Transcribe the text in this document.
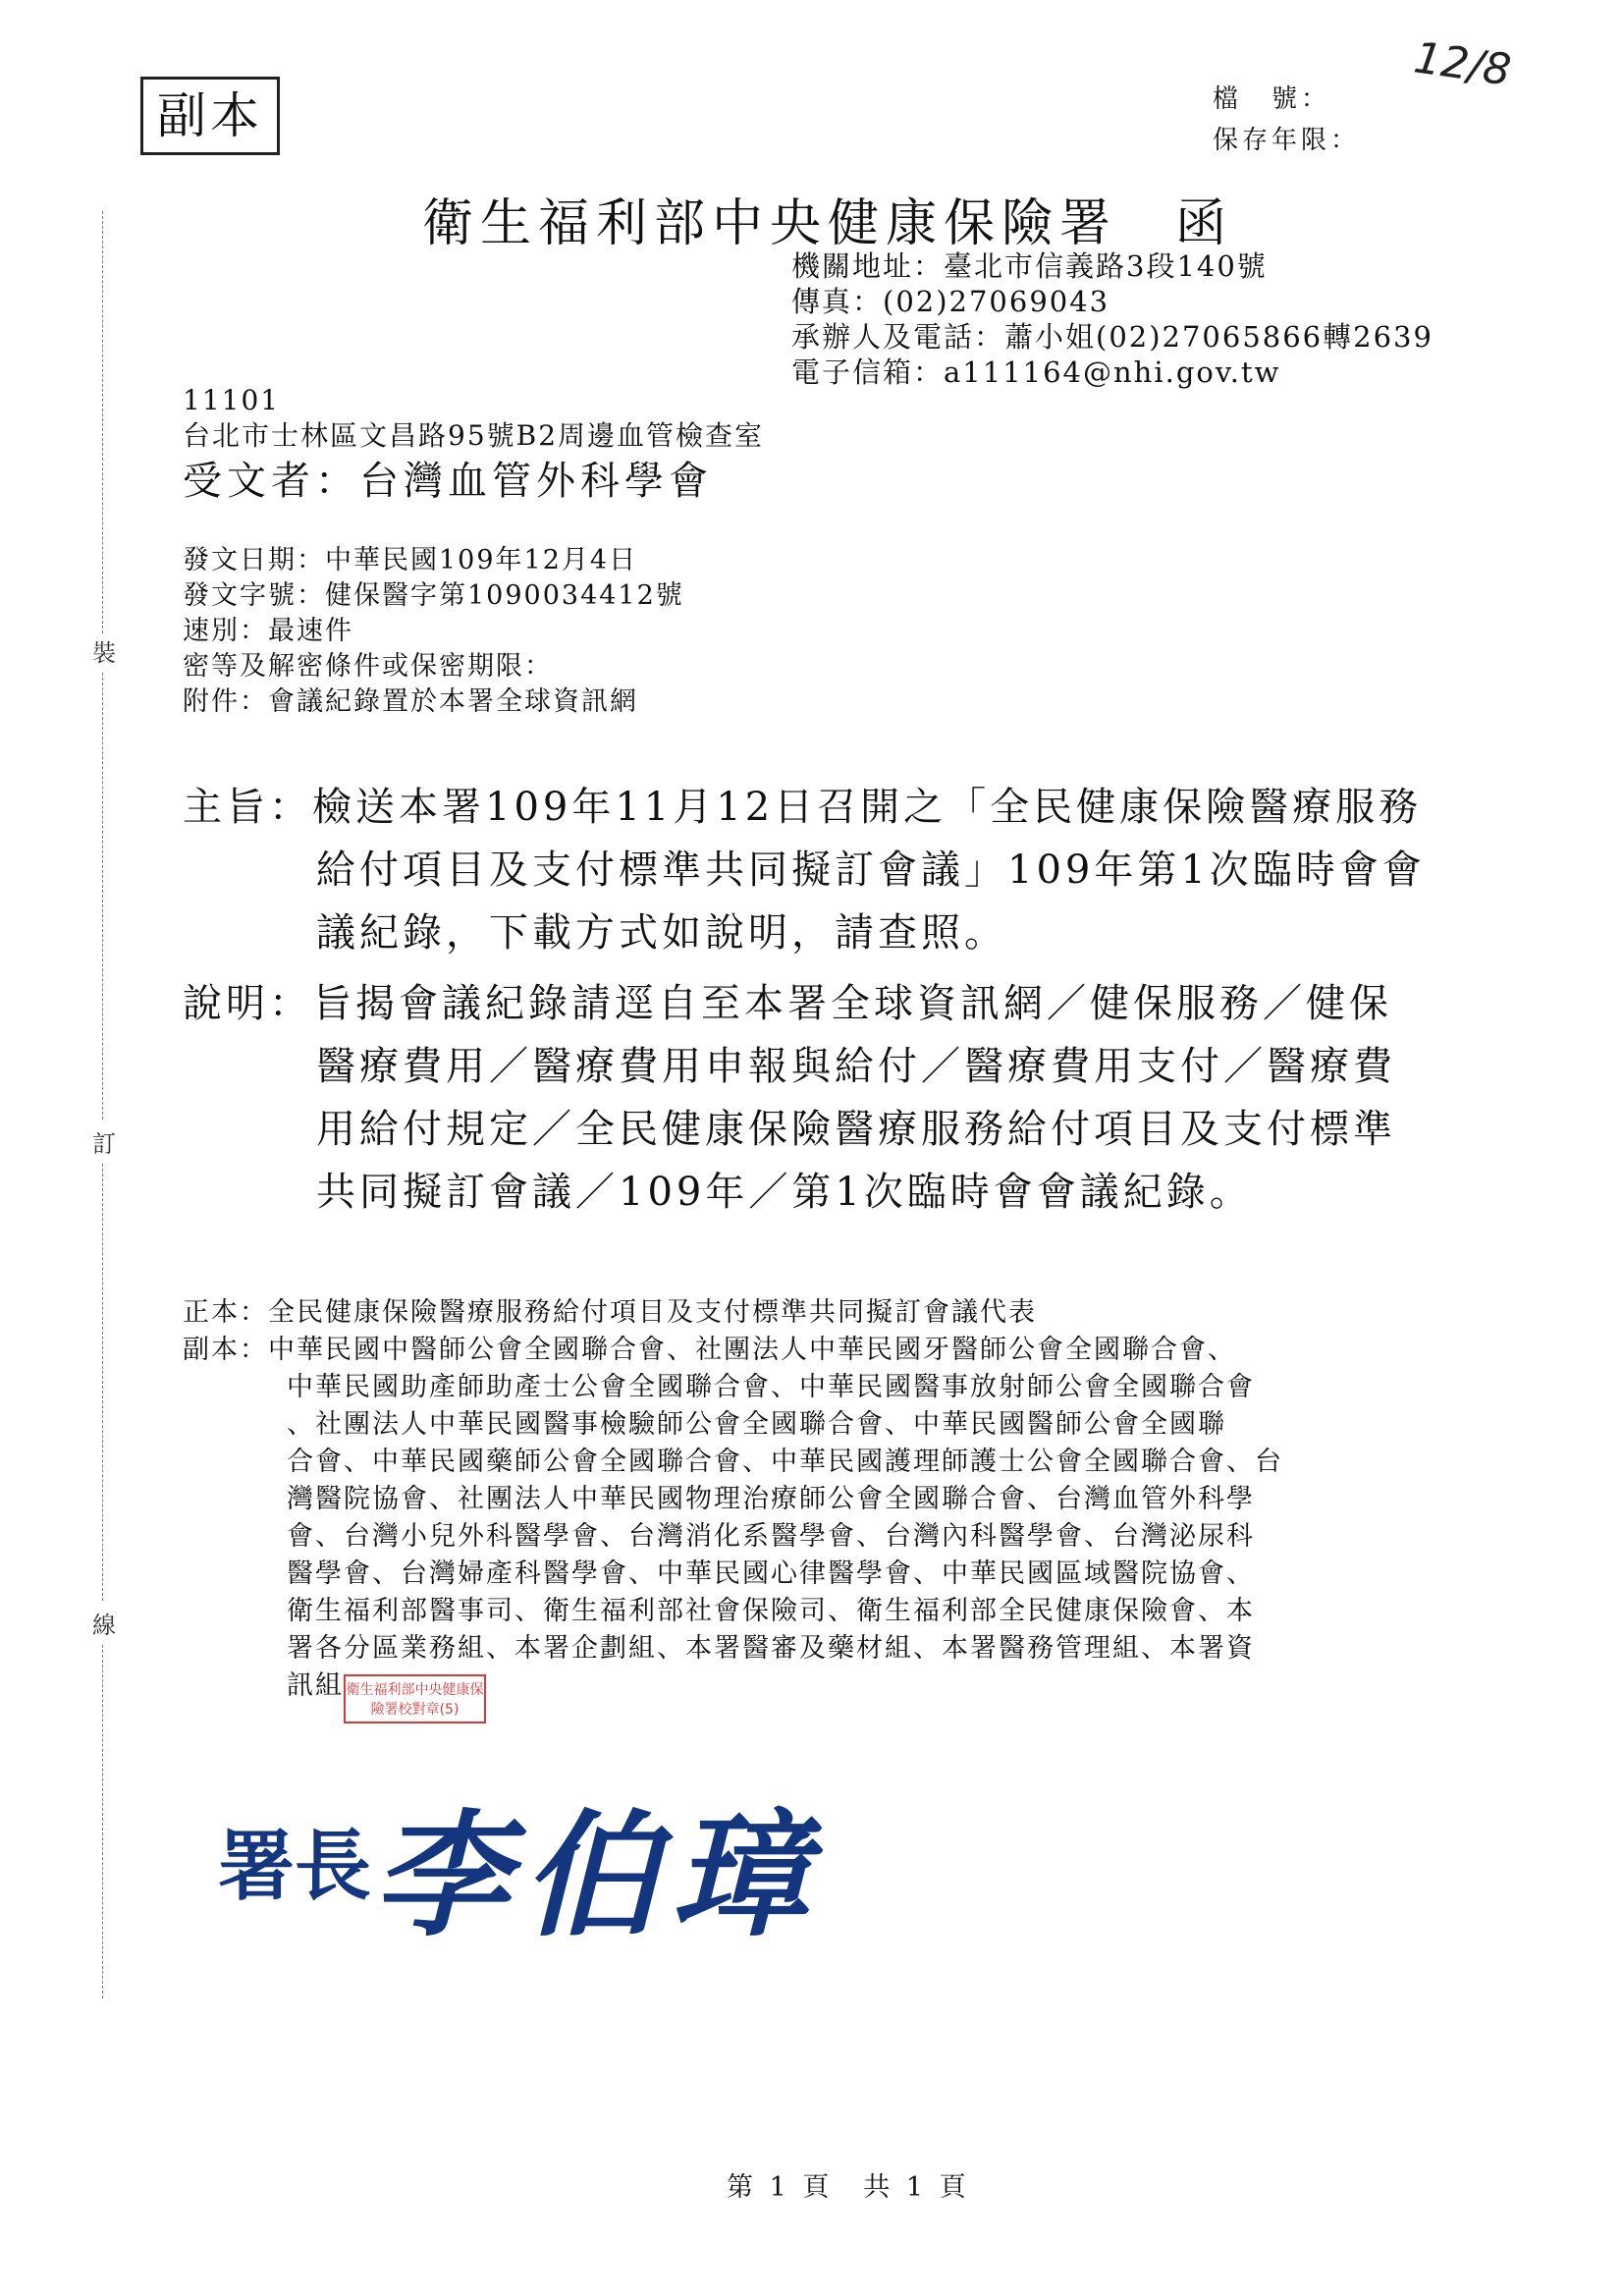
副本	檔　號：
保存年限：
12/8
衛生福利部中央健康保險署　函
機關地址：臺北市信義路3段140號
傳真：(02)27069043
承辦人及電話：蕭小姐(02)27065866轉2639
電子信箱：a111164@nhi.gov.tw
11101
台北市士林區文昌路95號B2周邊血管檢查室
受文者：台灣血管外科學會
發文日期：中華民國109年12月4日
發文字號：健保醫字第1090034412號
速別：最速件
密等及解密條件或保密期限：
附件：會議紀錄置於本署全球資訊網
主旨：檢送本署109年11月12日召開之「全民健康保險醫療服務
給付項目及支付標準共同擬訂會議」109年第1次臨時會會
議紀錄，下載方式如說明，請查照。
說明：旨揭會議紀錄請逕自至本署全球資訊網／健保服務／健保
醫療費用／醫療費用申報與給付／醫療費用支付／醫療費
用給付規定／全民健康保險醫療服務給付項目及支付標準
共同擬訂會議／109年／第1次臨時會會議紀錄。
正本：全民健康保險醫療服務給付項目及支付標準共同擬訂會議代表
副本：中華民國中醫師公會全國聯合會、社團法人中華民國牙醫師公會全國聯合會、
中華民國助產師助產士公會全國聯合會、中華民國醫事放射師公會全國聯合會
、社團法人中華民國醫事檢驗師公會全國聯合會、中華民國醫師公會全國聯
合會、中華民國藥師公會全國聯合會、中華民國護理師護士公會全國聯合會、台
灣醫院協會、社團法人中華民國物理治療師公會全國聯合會、台灣血管外科學
會、台灣小兒外科醫學會、台灣消化系醫學會、台灣內科醫學會、台灣泌尿科
醫學會、台灣婦產科醫學會、中華民國心律醫學會、中華民國區域醫院協會、
衛生福利部醫事司、衛生福利部社會保險司、衛生福利部全民健康保險會、本
署各分區業務組、本署企劃組、本署醫審及藥材組、本署醫務管理組、本署資
訊組 衛生福利部中央健康保險署校對章(5)
署長 李伯璋
裝
訂
線
第 1 頁　共 1 頁
